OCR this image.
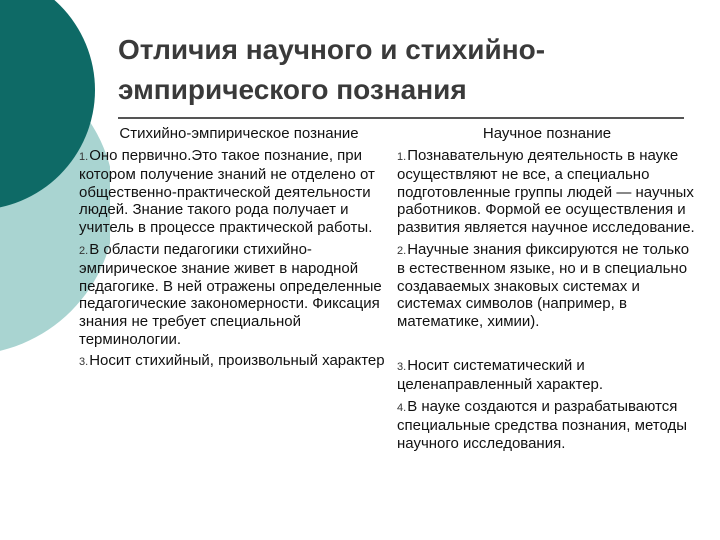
Отличия научного и стихийно-эмпирического познания
Стихийно-эмпирическое познание
1.Оно первично.Это такое познание, при котором получение знаний не отделено от общественно-практической деятельности людей. Знание такого рода получает и учитель в процессе практической работы.
2.В области педагогики стихийно-эмпирическое знание живет в народной педагогике. В ней отражены определенные педагогические закономерности. Фиксация знания не требует специальной терминологии.
3.Носит стихийный, произвольный характер
Научное познание
1.Познавательную деятельность в науке осуществляют не все, а специально подготовленные группы людей — научных работников. Формой ее осуществления и развития является научное исследование.
2.Научные знания фиксируются не только в естественном языке, но и в специально создаваемых знаковых системах и системах символов (например, в математике, химии).
3.Носит систематический и целенаправленный характер.
4.В науке создаются и разрабатываются специальные средства познания, методы научного исследования.
